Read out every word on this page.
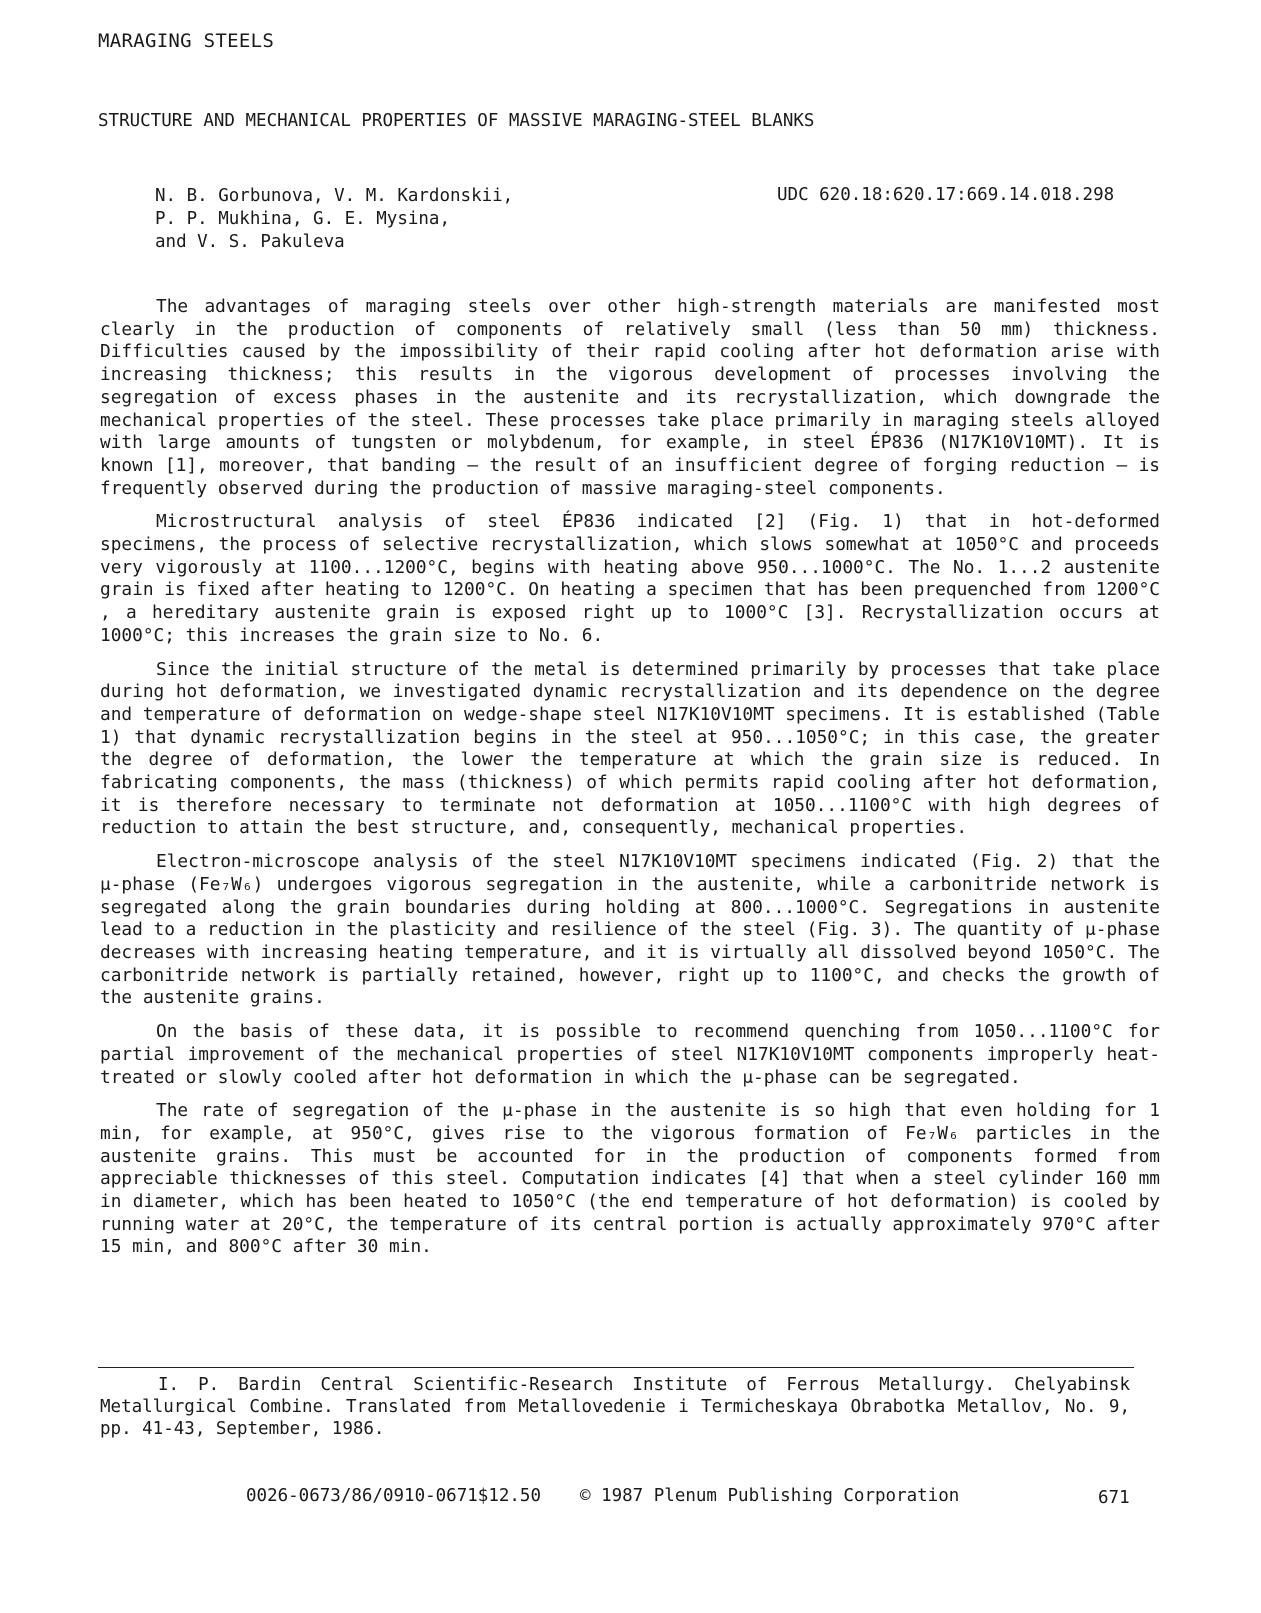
MARAGING STEELS
STRUCTURE AND MECHANICAL PROPERTIES OF MASSIVE MARAGING-STEEL BLANKS
N. B. Gorbunova, V. M. Kardonskii,
P. P. Mukhina, G. E. Mysina,
and V. S. Pakuleva
UDC 620.18:620.17:669.14.018.298

The advantages of maraging steels over other high-strength materials are manifested most clearly in the production of components of relatively small (less than 50 mm) thickness. Difficulties caused by the impossibility of their rapid cooling after hot deformation arise with increasing thickness; this results in the vigorous development of processes involving the segregation of excess phases in the austenite and its recrystallization, which downgrade the mechanical properties of the steel. These processes take place primarily in maraging steels alloyed with large amounts of tungsten or molybdenum, for example, in steel ÉP836 (N17K10V10MT). It is known [1], moreover, that banding – the result of an insufficient degree of forging reduction – is frequently observed during the production of massive maraging-steel components.

Microstructural analysis of steel ÉP836 indicated [2] (Fig. 1) that in hot-deformed specimens, the process of selective recrystallization, which slows somewhat at 1050°C and proceeds very vigorously at 1100...1200°C, begins with heating above 950...1000°C. The No. 1...2 austenite grain is fixed after heating to 1200°C. On heating a specimen that has been prequenched from 1200°C , a hereditary austenite grain is exposed right up to 1000°C [3]. Recrystallization occurs at 1000°C; this increases the grain size to No. 6.

Since the initial structure of the metal is determined primarily by processes that take place during hot deformation, we investigated dynamic recrystallization and its dependence on the degree and temperature of deformation on wedge-shape steel N17K10V10MT specimens. It is established (Table 1) that dynamic recrystallization begins in the steel at 950...1050°C; in this case, the greater the degree of deformation, the lower the temperature at which the grain size is reduced. In fabricating components, the mass (thickness) of which permits rapid cooling after hot deformation, it is therefore necessary to terminate not deformation at 1050...1100°C with high degrees of reduction to attain the best structure, and, consequently, mechanical properties.

Electron-microscope analysis of the steel N17K10V10MT specimens indicated (Fig. 2) that the μ-phase (Fe₇W₆) undergoes vigorous segregation in the austenite, while a carbonitride network is segregated along the grain boundaries during holding at 800...1000°C. Segregations in austenite lead to a reduction in the plasticity and resilience of the steel (Fig. 3). The quantity of μ-phase decreases with increasing heating temperature, and it is virtually all dissolved beyond 1050°C. The carbonitride network is partially retained, however, right up to 1100°C, and checks the growth of the austenite grains.

On the basis of these data, it is possible to recommend quenching from 1050...1100°C for partial improvement of the mechanical properties of steel N17K10V10MT components improperly heat-treated or slowly cooled after hot deformation in which the μ-phase can be segregated.

The rate of segregation of the μ-phase in the austenite is so high that even holding for 1 min, for example, at 950°C, gives rise to the vigorous formation of Fe₇W₆ particles in the austenite grains. This must be accounted for in the production of components formed from appreciable thicknesses of this steel. Computation indicates [4] that when a steel cylinder 160 mm in diameter, which has been heated to 1050°C (the end temperature of hot deformation) is cooled by running water at 20°C, the temperature of its central portion is actually approximately 970°C after 15 min, and 800°C after 30 min.

I. P. Bardin Central Scientific-Research Institute of Ferrous Metallurgy. Chelyabinsk Metallurgical Combine. Translated from Metallovedenie i Termicheskaya Obrabotka Metallov, No. 9, pp. 41-43, September, 1986.
0026-0673/86/0910-0671$12.50 © 1987 Plenum Publishing Corporation	671
